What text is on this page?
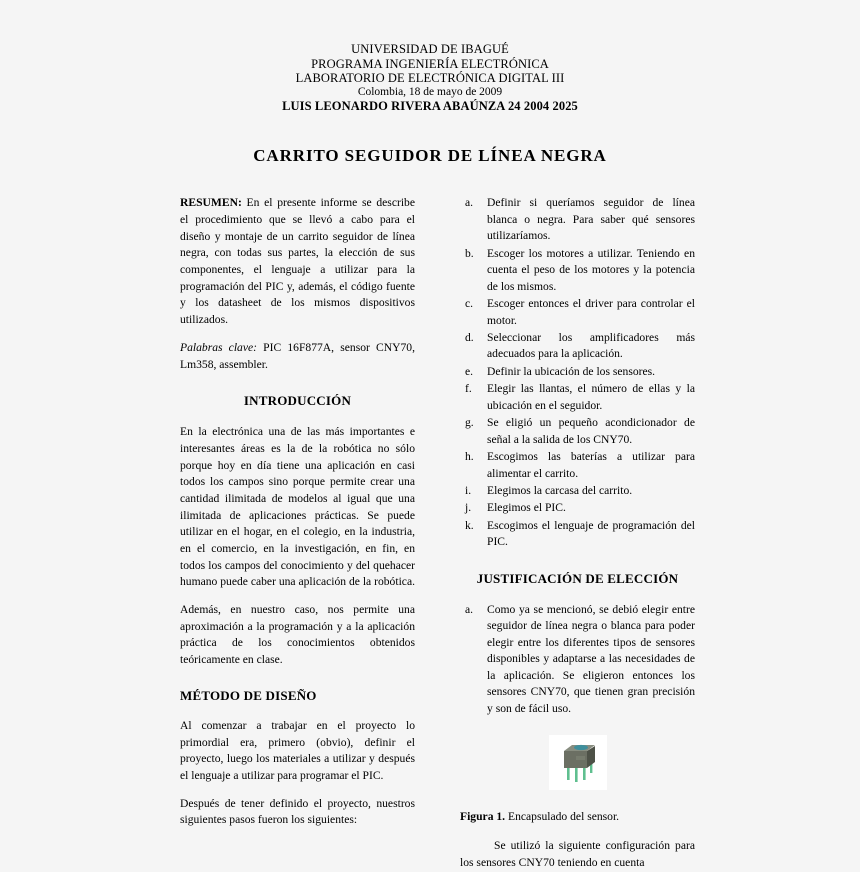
UNIVERSIDAD DE IBAGUÉ
PROGRAMA INGENIERÍA ELECTRÓNICA
LABORATORIO DE ELECTRÓNICA DIGITAL III
Colombia, 18 de mayo de 2009
LUIS LEONARDO RIVERA ABAÚNZA 24 2004 2025
CARRITO SEGUIDOR DE LÍNEA NEGRA

RESUMEN: En el presente informe se describe el procedimiento que se llevó a cabo para el diseño y montaje de un carrito seguidor de línea negra, con todas sus partes, la elección de sus componentes, el lenguaje a utilizar para la programación del PIC y, además, el código fuente y los datasheet de los mismos dispositivos utilizados.

Palabras clave: PIC 16F877A, sensor CNY70, Lm358, assembler.

INTRODUCCIÓN

En la electrónica una de las más importantes e interesantes áreas es la de la robótica no sólo porque hoy en día tiene una aplicación en casi todos los campos sino porque permite crear una cantidad ilimitada de modelos al igual que una ilimitada de aplicaciones prácticas. Se puede utilizar en el hogar, en el colegio, en la industria, en el comercio, en la investigación, en fin, en todos los campos del conocimiento y del quehacer humano puede caber una aplicación de la robótica.

Además, en nuestro caso, nos permite una aproximación a la programación y a la aplicación práctica de los conocimientos obtenidos teóricamente en clase.

MÉTODO DE DISEÑO

Al comenzar a trabajar en el proyecto lo primordial era, primero (obvio), definir el proyecto, luego los materiales a utilizar y después el lenguaje a utilizar para programar el PIC.

Después de tener definido el proyecto, nuestros siguientes pasos fueron los siguientes:

a.	Definir si queríamos seguidor de línea blanca o negra. Para saber qué sensores utilizaríamos.
b.	Escoger los motores a utilizar. Teniendo en cuenta el peso de los motores y la potencia de los mismos.
c.	Escoger entonces el driver para controlar el motor.
d.	Seleccionar los amplificadores más adecuados para la aplicación.
e.	Definir la ubicación de los sensores.
f.	Elegir las llantas, el número de ellas y la ubicación en el seguidor.
g.	Se eligió un pequeño acondicionador de señal a la salida de los CNY70.
h.	Escogimos las baterías a utilizar para alimentar el carrito.
i.	Elegimos la carcasa del carrito.
j.	Elegimos el PIC.
k.	Escogimos el lenguaje de programación del PIC.
JUSTIFICACIÓN DE ELECCIÓN
a.	Como ya se mencionó, se debió elegir entre seguidor de línea negra o blanca para poder elegir entre los diferentes tipos de sensores disponibles y adaptarse a las necesidades de la aplicación. Se eligieron entonces los sensores CNY70, que tienen gran precisión y son de fácil uso.

Figura 1. Encapsulado del sensor.

Se utilizó la siguiente configuración para los sensores CNY70 teniendo en cuenta
